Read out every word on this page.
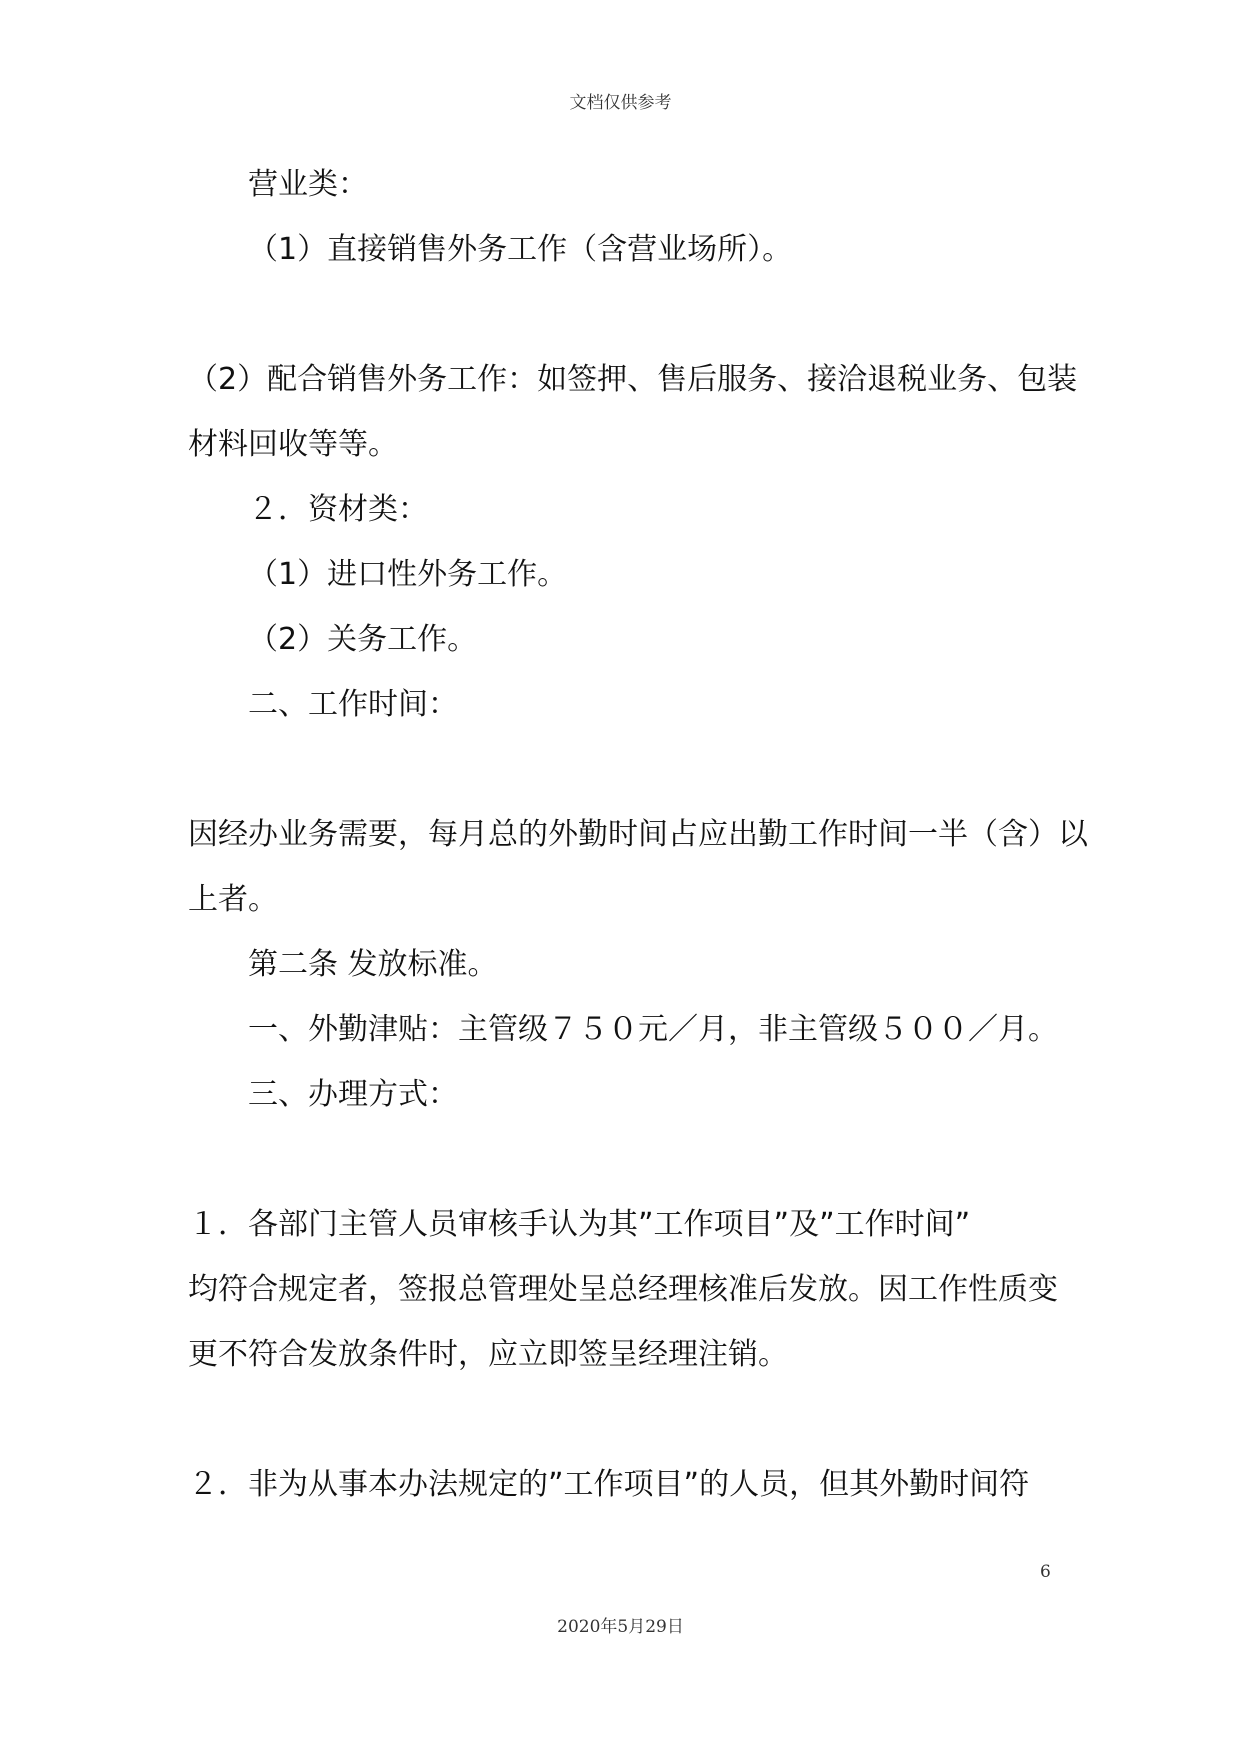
文档仅供参考
营业类：
（1）直接销售外务工作（含营业场所）。
（2）配合销售外务工作：如签押、售后服务、接洽退税业务、包装
材料回收等等。
２．资材类：
（1）进口性外务工作。
（2）关务工作。
二、工作时间：
因经办业务需要，每月总的外勤时间占应出勤工作时间一半（含）以
上者。
第二条 发放标准。
一、外勤津贴：主管级７５０元／月，非主管级５００／月。
三、办理方式：
１．各部门主管人员审核手认为其”工作项目”及”工作时间”
均符合规定者，签报总管理处呈总经理核准后发放。因工作性质变
更不符合发放条件时，应立即签呈经理注销。
２．非为从事本办法规定的”工作项目”的人员，但其外勤时间符
6
2020年5月29日
